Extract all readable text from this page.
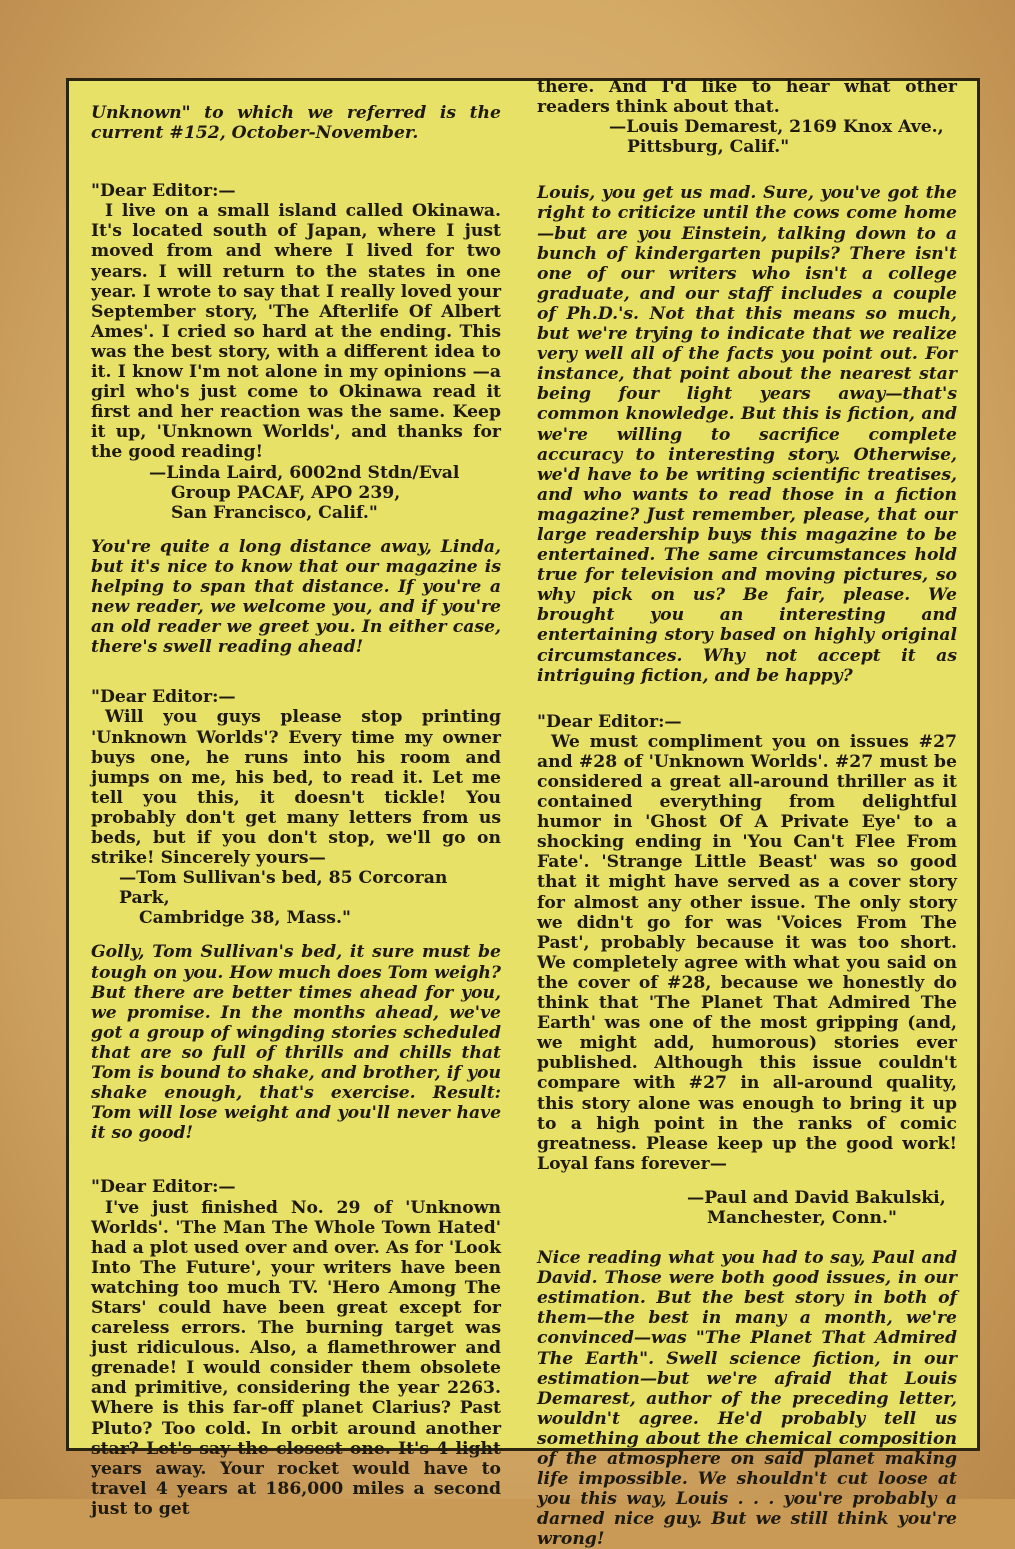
Unknown" to which we referred is the current #152, October-November.

"Dear Editor:—

I live on a small island called Okinawa. It's located south of Japan, where I just moved from and where I lived for two years. I will return to the states in one year. I wrote to say that I really loved your September story, 'The Afterlife Of Albert Ames'. I cried so hard at the ending. This was the best story, with a different idea to it. I know I'm not alone in my opinions —a girl who's just come to Okinawa read it first and her reaction was the same. Keep it up, 'Unknown Worlds', and thanks for the good reading!

—Linda Laird, 6002nd Stdn/Eval

Group PACAF, APO 239,

San Francisco, Calif."

You're quite a long distance away, Linda, but it's nice to know that our magazine is helping to span that distance. If you're a new reader, we welcome you, and if you're an old reader we greet you. In either case, there's swell reading ahead!

"Dear Editor:—

Will you guys please stop printing 'Unknown Worlds'? Every time my owner buys one, he runs into his room and jumps on me, his bed, to read it. Let me tell you this, it doesn't tickle! You probably don't get many letters from us beds, but if you don't stop, we'll go on strike! Sincerely yours—

—Tom Sullivan's bed, 85 Corcoran Park,

Cambridge 38, Mass."

Golly, Tom Sullivan's bed, it sure must be tough on you. How much does Tom weigh? But there are better times ahead for you, we promise. In the months ahead, we've got a group of wingding stories scheduled that are so full of thrills and chills that Tom is bound to shake, and brother, if you shake enough, that's exercise. Result: Tom will lose weight and you'll never have it so good!

"Dear Editor:—

I've just finished No. 29 of 'Unknown Worlds'. 'The Man The Whole Town Hated' had a plot used over and over. As for 'Look Into The Future', your writers have been watching too much TV. 'Hero Among The Stars' could have been great except for careless errors. The burning target was just ridiculous. Also, a flamethrower and grenade! I would consider them obsolete and primitive, considering the year 2263. Where is this far-off planet Clarius? Past Pluto? Too cold. In orbit around another star? Let's say the closest one. It's 4 light years away. Your rocket would have to travel 4 years at 186,000 miles a second just to get

there. And I'd like to hear what other readers think about that.

—Louis Demarest, 2169 Knox Ave.,

Pittsburg, Calif."

Louis, you get us mad. Sure, you've got the right to criticize until the cows come home —but are you Einstein, talking down to a bunch of kindergarten pupils? There isn't one of our writers who isn't a college graduate, and our staff includes a couple of Ph.D.'s. Not that this means so much, but we're trying to indicate that we realize very well all of the facts you point out. For instance, that point about the nearest star being four light years away—that's common knowledge. But this is fiction, and we're willing to sacrifice complete accuracy to interesting story. Otherwise, we'd have to be writing scientific treatises, and who wants to read those in a fiction magazine? Just remember, please, that our large readership buys this magazine to be entertained. The same circumstances hold true for television and moving pictures, so why pick on us? Be fair, please. We brought you an interesting and entertaining story based on highly original circumstances. Why not accept it as intriguing fiction, and be happy?

"Dear Editor:—

We must compliment you on issues #27 and #28 of 'Unknown Worlds'. #27 must be considered a great all-around thriller as it contained everything from delightful humor in 'Ghost Of A Private Eye' to a shocking ending in 'You Can't Flee From Fate'. 'Strange Little Beast' was so good that it might have served as a cover story for almost any other issue. The only story we didn't go for was 'Voices From The Past', probably because it was too short. We completely agree with what you said on the cover of #28, because we honestly do think that 'The Planet That Admired The Earth' was one of the most gripping (and, we might add, humorous) stories ever published. Although this issue couldn't compare with #27 in all-around quality, this story alone was enough to bring it up to a high point in the ranks of comic greatness. Please keep up the good work! Loyal fans forever—

—Paul and David Bakulski,

Manchester, Conn."

Nice reading what you had to say, Paul and David. Those were both good issues, in our estimation. But the best story in both of them—the best in many a month, we're convinced—was "The Planet That Admired The Earth". Swell science fiction, in our estimation—but we're afraid that Louis Demarest, author of the preceding letter, wouldn't agree. He'd probably tell us something about the chemical composition of the atmosphere on said planet making life impossible. We shouldn't cut loose at you this way, Louis . . . you're probably a darned nice guy. But we still think you're wrong!
